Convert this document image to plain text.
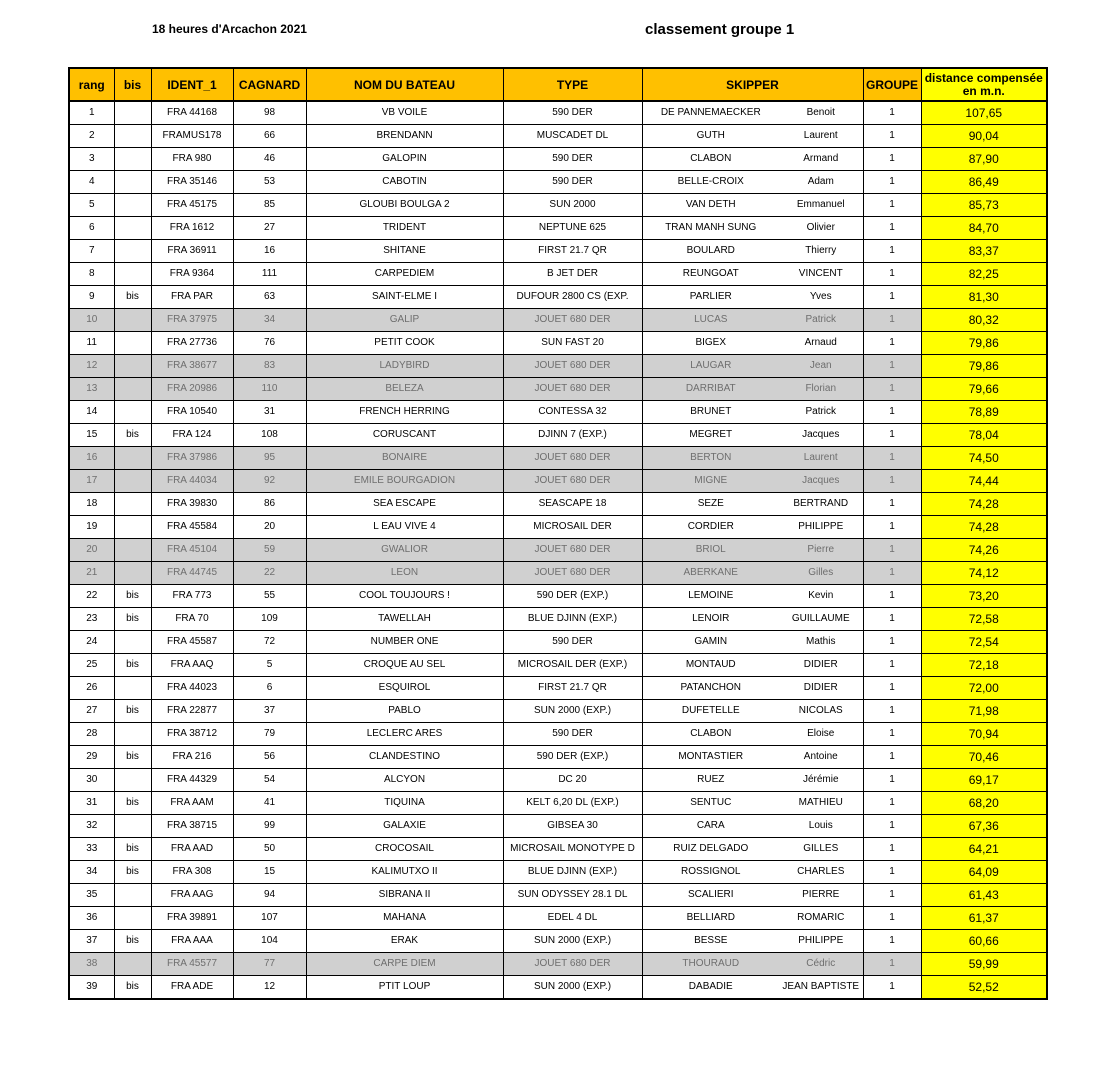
18 heures d'Arcachon 2021	classement groupe 1
rang	bis	IDENT_1	CAGNARD	NOM DU BATEAU	TYPE	SKIPPER		GROUPE	distance compensée
en m.n.
1		FRA 44168	98	VB VOILE	590 DER	DE PANNEMAECKER	Benoit	1	107,65
2		FRAMUS178	66	BRENDANN	MUSCADET DL	GUTH	Laurent	1	90,04
3		FRA 980	46	GALOPIN	590 DER	CLABON	Armand	1	87,90
4		FRA 35146	53	CABOTIN	590 DER	BELLE-CROIX	Adam	1	86,49
5		FRA 45175	85	GLOUBI BOULGA 2	SUN 2000	VAN DETH	Emmanuel	1	85,73
6		FRA 1612	27	TRIDENT	NEPTUNE 625	TRAN MANH SUNG	Olivier	1	84,70
7		FRA 36911	16	SHITANE	FIRST 21.7 QR	BOULARD	Thierry	1	83,37
8		FRA 9364	111	CARPEDIEM	B JET DER	REUNGOAT	VINCENT	1	82,25
9	bis	FRA PAR	63	SAINT-ELME I	DUFOUR 2800 CS (EXP.	PARLIER	Yves	1	81,30
10		FRA 37975	34	GALIP	JOUET 680 DER	LUCAS	Patrick	1	80,32
11		FRA 27736	76	PETIT COOK	SUN FAST 20	BIGEX	Arnaud	1	79,86
12		FRA 38677	83	LADYBIRD	JOUET 680 DER	LAUGAR	Jean	1	79,86
13		FRA 20986	110	BELEZA	JOUET 680 DER	DARRIBAT	Florian	1	79,66
14		FRA 10540	31	FRENCH HERRING	CONTESSA 32	BRUNET	Patrick	1	78,89
15	bis	FRA 124	108	CORUSCANT	DJINN 7 (EXP.)	MEGRET	Jacques	1	78,04
16		FRA 37986	95	BONAIRE	JOUET 680 DER	BERTON	Laurent	1	74,50
17		FRA 44034	92	EMILE BOURGADION	JOUET 680 DER	MIGNE	Jacques	1	74,44
18		FRA 39830	86	SEA ESCAPE	SEASCAPE 18	SEZE	BERTRAND	1	74,28
19		FRA 45584	20	L EAU VIVE 4	MICROSAIL DER	CORDIER	PHILIPPE	1	74,28
20		FRA 45104	59	GWALIOR	JOUET 680 DER	BRIOL	Pierre	1	74,26
21		FRA 44745	22	LEON	JOUET 680 DER	ABERKANE	Gilles	1	74,12
22	bis	FRA 773	55	COOL TOUJOURS !	590 DER (EXP.)	LEMOINE	Kevin	1	73,20
23	bis	FRA 70	109	TAWELLAH	BLUE DJINN (EXP.)	LENOIR	GUILLAUME	1	72,58
24		FRA 45587	72	NUMBER ONE	590 DER	GAMIN	Mathis	1	72,54
25	bis	FRA AAQ	5	CROQUE AU SEL	MICROSAIL DER (EXP.)	MONTAUD	DIDIER	1	72,18
26		FRA 44023	6	ESQUIROL	FIRST 21.7 QR	PATANCHON	DIDIER	1	72,00
27	bis	FRA 22877	37	PABLO	SUN 2000 (EXP.)	DUFETELLE	NICOLAS	1	71,98
28		FRA 38712	79	LECLERC ARES	590 DER	CLABON	Eloise	1	70,94
29	bis	FRA 216	56	CLANDESTINO	590 DER (EXP.)	MONTASTIER	Antoine	1	70,46
30		FRA 44329	54	ALCYON	DC 20	RUEZ	Jérémie	1	69,17
31	bis	FRA AAM	41	TIQUINA	KELT 6,20 DL (EXP.)	SENTUC	MATHIEU	1	68,20
32		FRA 38715	99	GALAXIE	GIBSEA 30	CARA	Louis	1	67,36
33	bis	FRA AAD	50	CROCOSAIL	MICROSAIL MONOTYPE D	RUIZ DELGADO	GILLES	1	64,21
34	bis	FRA 308	15	KALIMUTXO II	BLUE DJINN (EXP.)	ROSSIGNOL	CHARLES	1	64,09
35		FRA AAG	94	SIBRANA II	SUN ODYSSEY 28.1 DL	SCALIERI	PIERRE	1	61,43
36		FRA 39891	107	MAHANA	EDEL 4 DL	BELLIARD	ROMARIC	1	61,37
37	bis	FRA AAA	104	ERAK	SUN 2000 (EXP.)	BESSE	PHILIPPE	1	60,66
38		FRA 45577	77	CARPE DIEM	JOUET 680 DER	THOURAUD	Cédric	1	59,99
39	bis	FRA ADE	12	PTIT LOUP	SUN 2000 (EXP.)	DABADIE	JEAN BAPTISTE	1	52,52
